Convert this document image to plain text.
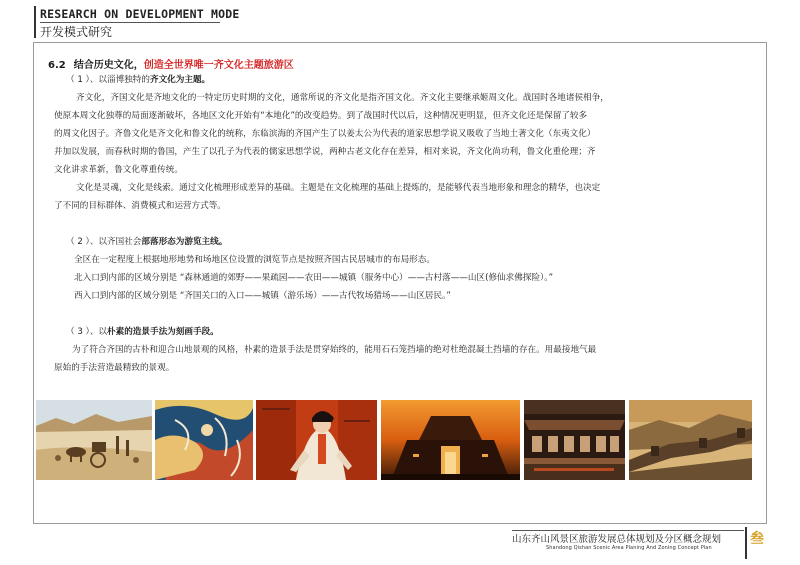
RESEARCH ON DEVELOPMENT MODE
开发模式研究
6.2 结合历史文化，创造全世界唯一齐文化主题旅游区
（ 1 ）、以淄博独特的齐文化为主题。
齐文化，齐国文化是齐地文化的一特定历史时期的文化，通常所说的齐文化是指齐国文化。齐文化主要继承姬周文化。战国时各地诸侯相争，
使原本周文化独尊的局面逐渐破坏，各地区文化开始有“本地化”的改变趋势。到了战国时代以后，这种情况更明显，但齐文化还是保留了较多
的周文化因子。齐鲁文化是齐文化和鲁文化的统称，东临滨海的齐国产生了以姜太公为代表的道家思想学说又吸收了当地土著文化（东夷文化）
并加以发展，而春秋时期的鲁国，产生了以孔子为代表的儒家思想学说，两种古老文化存在差异，相对来说，齐文化尚功利，鲁文化重伦理；齐
文化讲求革新，鲁文化尊重传统。
文化是灵魂，文化是线索。通过文化梳理形成差异的基础。主题是在文化梳理的基础上提炼的，是能够代表当地形象和理念的精华，也决定
了不同的目标群体、消费模式和运营方式等。
（ 2 ）、以齐国社会部落形态为游览主线。
全区在一定程度上根据地形地势和场地区位设置的浏览节点是按照齐国古民居城市的布局形态。
北入口到内部的区域分别是 “森林通道的郊野——果疏园——农田——城镇（服务中心）——古村落——山区(修仙求佛探险）。”
西入口到内部的区域分别是 “齐国关口的入口——城镇（游乐场）——古代牧场猎场——山区居民。”
（ 3 ）、以朴素的造景手法为刻画手段。
为了符合齐国的古朴和迎合山地景观的风格，朴素的造景手法是贯穿始终的，能用石石笼挡墙的绝对杜绝混凝土挡墙的存在。用最接地气最
原始的手法营造最精致的景观。
山东齐山风景区旅游发展总体规划及分区概念规划
Shandong Qishan Scenic Area Planing And Zoning Concept Plan
叁
